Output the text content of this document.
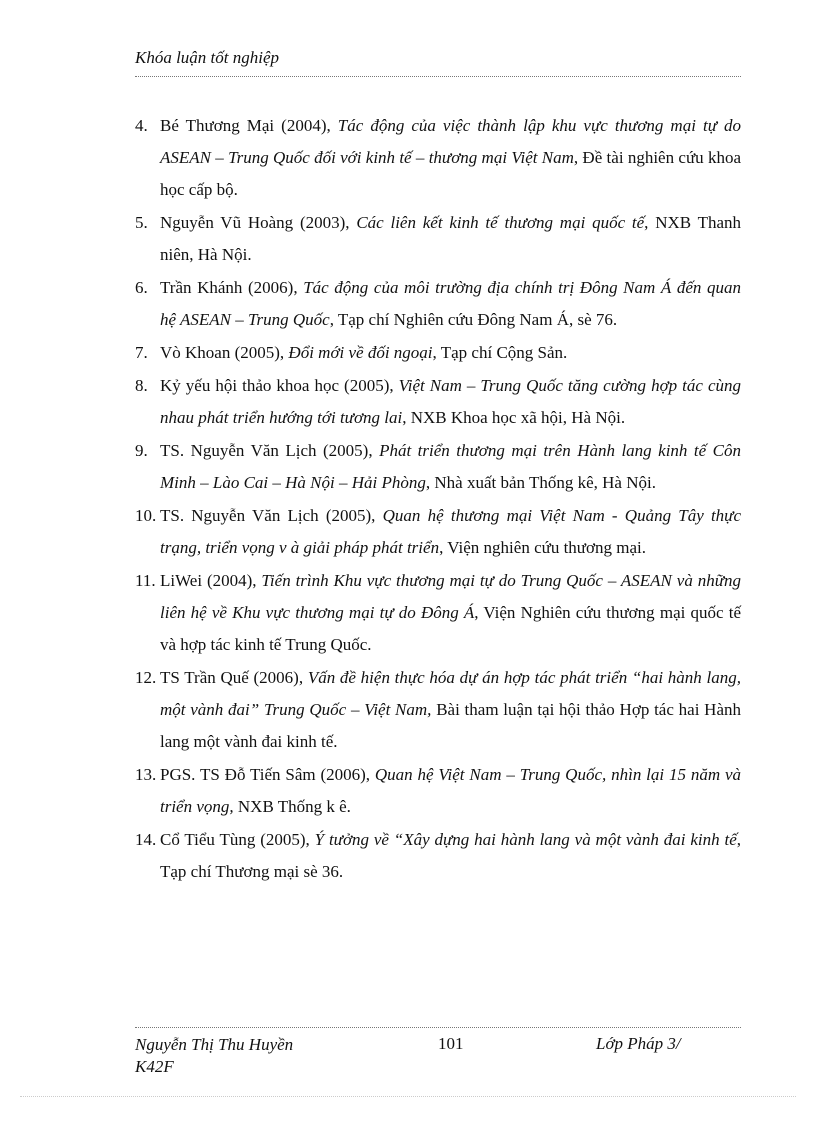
Khóa luận tốt nghiệp
4. Bé Thương Mại (2004), Tác động của việc thành lập khu vực thương mại tự do ASEAN – Trung Quốc đối với kinh tế – thương mại Việt Nam, Đề tài nghiên cứu khoa học cấp bộ.
5. Nguyễn Vũ Hoàng (2003), Các liên kết kinh tế thương mại quốc tế, NXB Thanh niên, Hà Nội.
6. Trần Khánh (2006), Tác động của môi trường địa chính trị Đông Nam Á đến quan hệ ASEAN – Trung Quốc, Tạp chí Nghiên cứu Đông Nam Á, sè 76.
7. Vò Khoan (2005), Đổi mới về đối ngoại, Tạp chí Cộng Sản.
8. Kỷ yếu hội thảo khoa học (2005), Việt Nam – Trung Quốc tăng cường hợp tác cùng nhau phát triển hướng tới tương lai, NXB Khoa học xã hội, Hà Nội.
9. TS. Nguyễn Văn Lịch (2005), Phát triển thương mại trên Hành lang kinh tế Côn Minh – Lào Cai – Hà Nội – Hải Phòng, Nhà xuất bản Thống kê, Hà Nội.
10. TS. Nguyễn Văn Lịch (2005), Quan hệ thương mại Việt Nam - Quảng Tây thực trạng, triển vọng v à giải pháp phát triển, Viện nghiên cứu thương mại.
11. LiWei (2004), Tiến trình Khu vực thương mại tự do Trung Quốc – ASEAN và những liên hệ về Khu vực thương mại tự do Đông Á, Viện Nghiên cứu thương mại quốc tế và hợp tác kinh tế Trung Quốc.
12. TS Trần Quế (2006), Vấn đề hiện thực hóa dự án hợp tác phát triển “hai hành lang, một vành đai” Trung Quốc – Việt Nam, Bài tham luận tại hội thảo Hợp tác hai Hành lang một vành đai kinh tế.
13. PGS. TS Đỗ Tiến Sâm (2006), Quan hệ Việt Nam – Trung Quốc, nhìn lại 15 năm và triển vọng, NXB Thống k ê.
14. Cổ Tiểu Tùng (2005), Ý tưởng về “Xây dựng hai hành lang và một vành đai kinh tế, Tạp chí Thương mại sè 36.
Nguyễn Thị Thu Huyền
K42F
101	Lớp Pháp 3/
